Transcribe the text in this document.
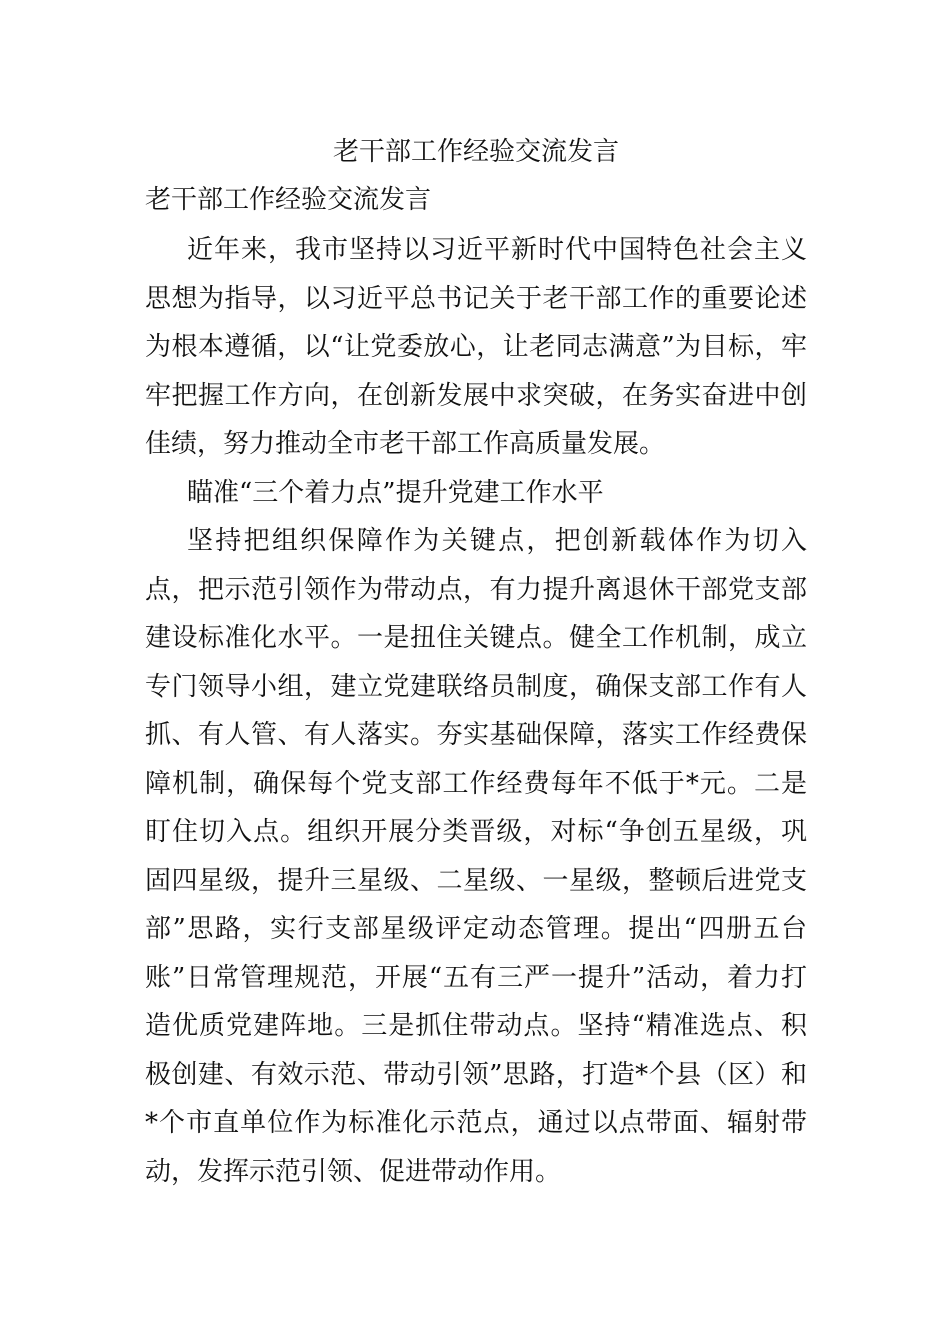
老干部工作经验交流发言

老干部工作经验交流发言

近年来，我市坚持以习近平新时代中国特色社会主义思想为指导，以习近平总书记关于老干部工作的重要论述为根本遵循，以“让党委放心，让老同志满意”为目标，牢牢把握工作方向，在创新发展中求突破，在务实奋进中创佳绩，努力推动全市老干部工作高质量发展。

瞄准“三个着力点”提升党建工作水平

坚持把组织保障作为关键点，把创新载体作为切入点，把示范引领作为带动点，有力提升离退休干部党支部建设标准化水平。一是扭住关键点。健全工作机制，成立专门领导小组，建立党建联络员制度，确保支部工作有人抓、有人管、有人落实。夯实基础保障，落实工作经费保障机制，确保每个党支部工作经费每年不低于*元。二是盯住切入点。组织开展分类晋级，对标“争创五星级，巩固四星级，提升三星级、二星级、一星级，整顿后进党支部”思路，实行支部星级评定动态管理。提出“四册五台账”日常管理规范，开展“五有三严一提升”活动，着力打造优质党建阵地。三是抓住带动点。坚持“精准选点、积极创建、有效示范、带动引领”思路，打造*个县（区）和*个市直单位作为标准化示范点，通过以点带面、辐射带动，发挥示范引领、促进带动作用。
